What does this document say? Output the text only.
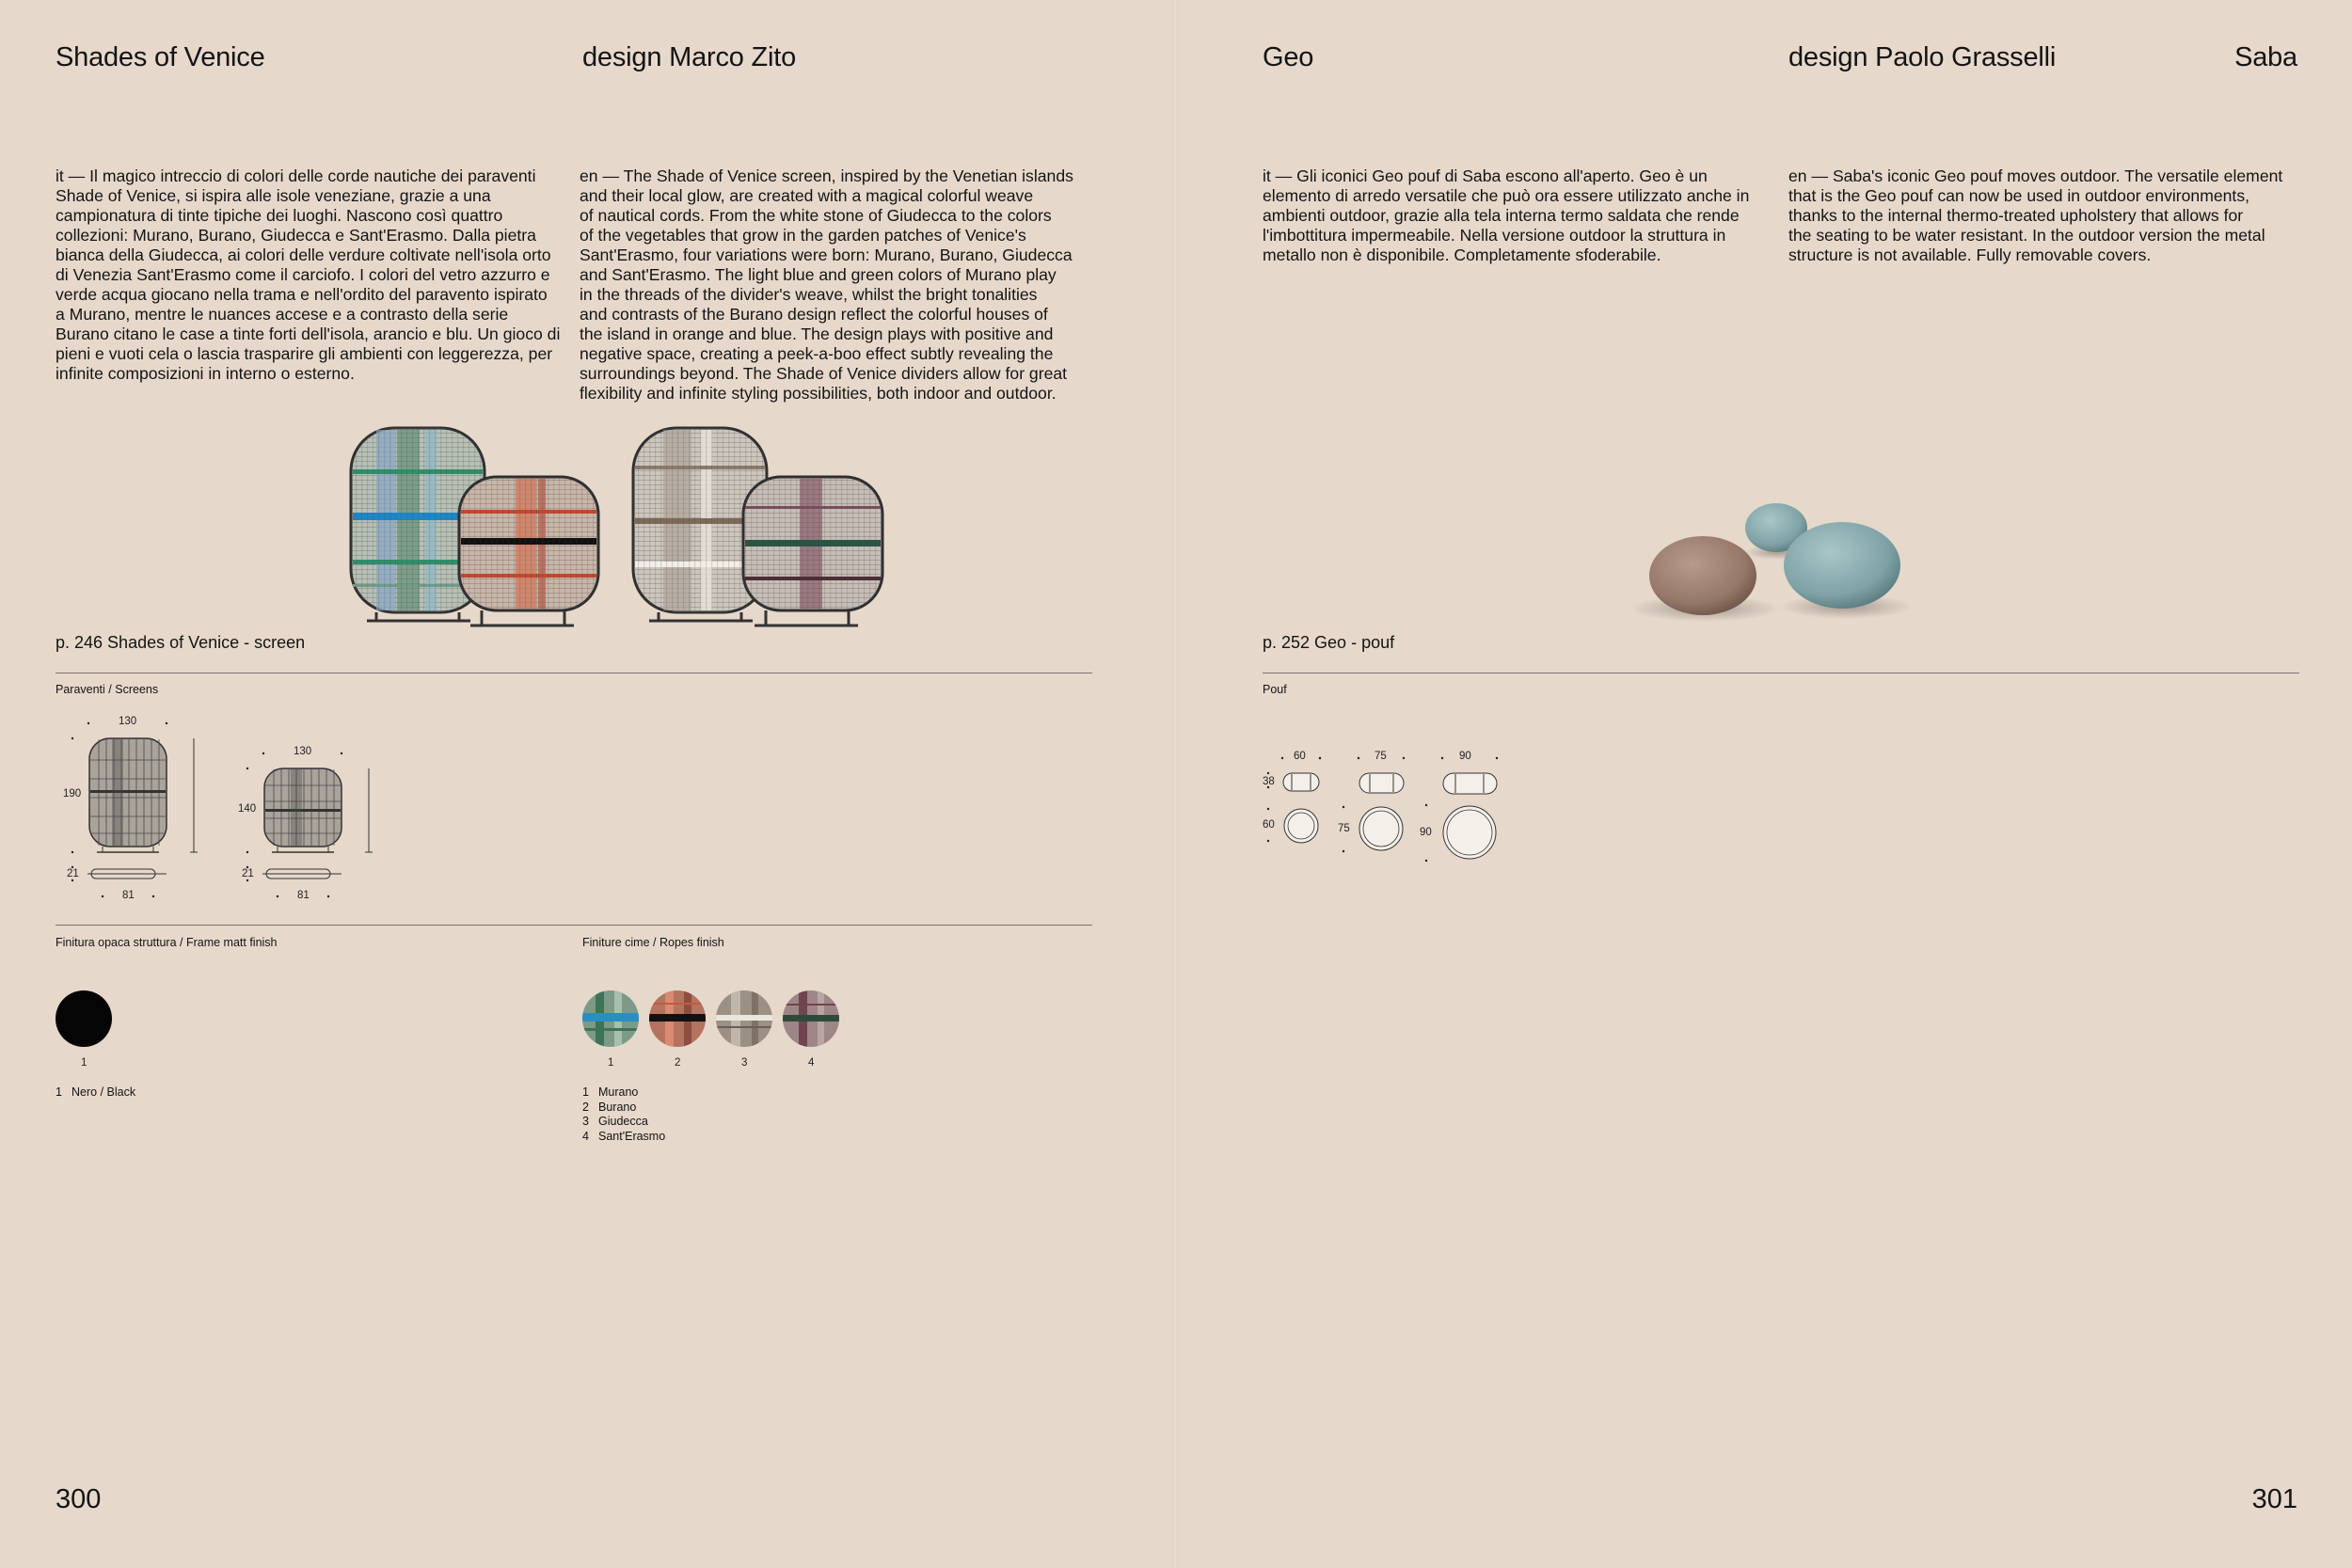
Shades of Venice	design Marco Zito
it — Il magico intreccio di colori delle corde nautiche dei paraventi
Shade of Venice, si ispira alle isole veneziane, grazie a una
campionatura di tinte tipiche dei luoghi. Nascono così quattro
collezioni: Murano, Burano, Giudecca e Sant'Erasmo. Dalla pietra
bianca della Giudecca, ai colori delle verdure coltivate nell'isola orto
di Venezia Sant'Erasmo come il carciofo. I colori del vetro azzurro e
verde acqua giocano nella trama e nell'ordito del paravento ispirato
a Murano, mentre le nuances accese e a contrasto della serie
Burano citano le case a tinte forti dell'isola, arancio e blu. Un gioco di
pieni e vuoti cela o lascia trasparire gli ambienti con leggerezza, per
infinite composizioni in interno o esterno.
en — The Shade of Venice screen, inspired by the Venetian islands
and their local glow, are created with a magical colorful weave
of nautical cords. From the white stone of Giudecca to the colors
of the vegetables that grow in the garden patches of Venice's
Sant'Erasmo, four variations were born: Murano, Burano, Giudecca
and Sant'Erasmo. The light blue and green colors of Murano play
in the threads of the divider's weave, whilst the bright tonalities
and contrasts of the Burano design reflect the colorful houses of
the island in orange and blue. The design plays with positive and
negative space, creating a peek-a-boo effect subtly revealing the
surroundings beyond. The Shade of Venice dividers allow for great
flexibility and infinite styling possibilities, both indoor and outdoor.
p. 246 Shades of Venice - screen
Paraventi / Screens
130
190
21
81
130
140
21
81
Finitura opaca struttura / Frame matt finish
1
1 Nero / Black
Finiture cime / Ropes finish
1	2	3	4
1 Murano
2 Burano
3 Giudecca
4 Sant'Erasmo
300
Geo	design Paolo Grasselli	Saba
it — Gli iconici Geo pouf di Saba escono all'aperto. Geo è un
elemento di arredo versatile che può ora essere utilizzato anche in
ambienti outdoor, grazie alla tela interna termo saldata che rende
l'imbottitura impermeabile. Nella versione outdoor la struttura in
metallo non è disponibile. Completamente sfoderabile.
en — Saba's iconic Geo pouf moves outdoor. The versatile element
that is the Geo pouf can now be used in outdoor environments,
thanks to the internal thermo-treated upholstery that allows for
the seating to be water resistant. In the outdoor version the metal
structure is not available. Fully removable covers.
p. 252 Geo - pouf
Pouf
60
38
60
75
75
90
90
301
